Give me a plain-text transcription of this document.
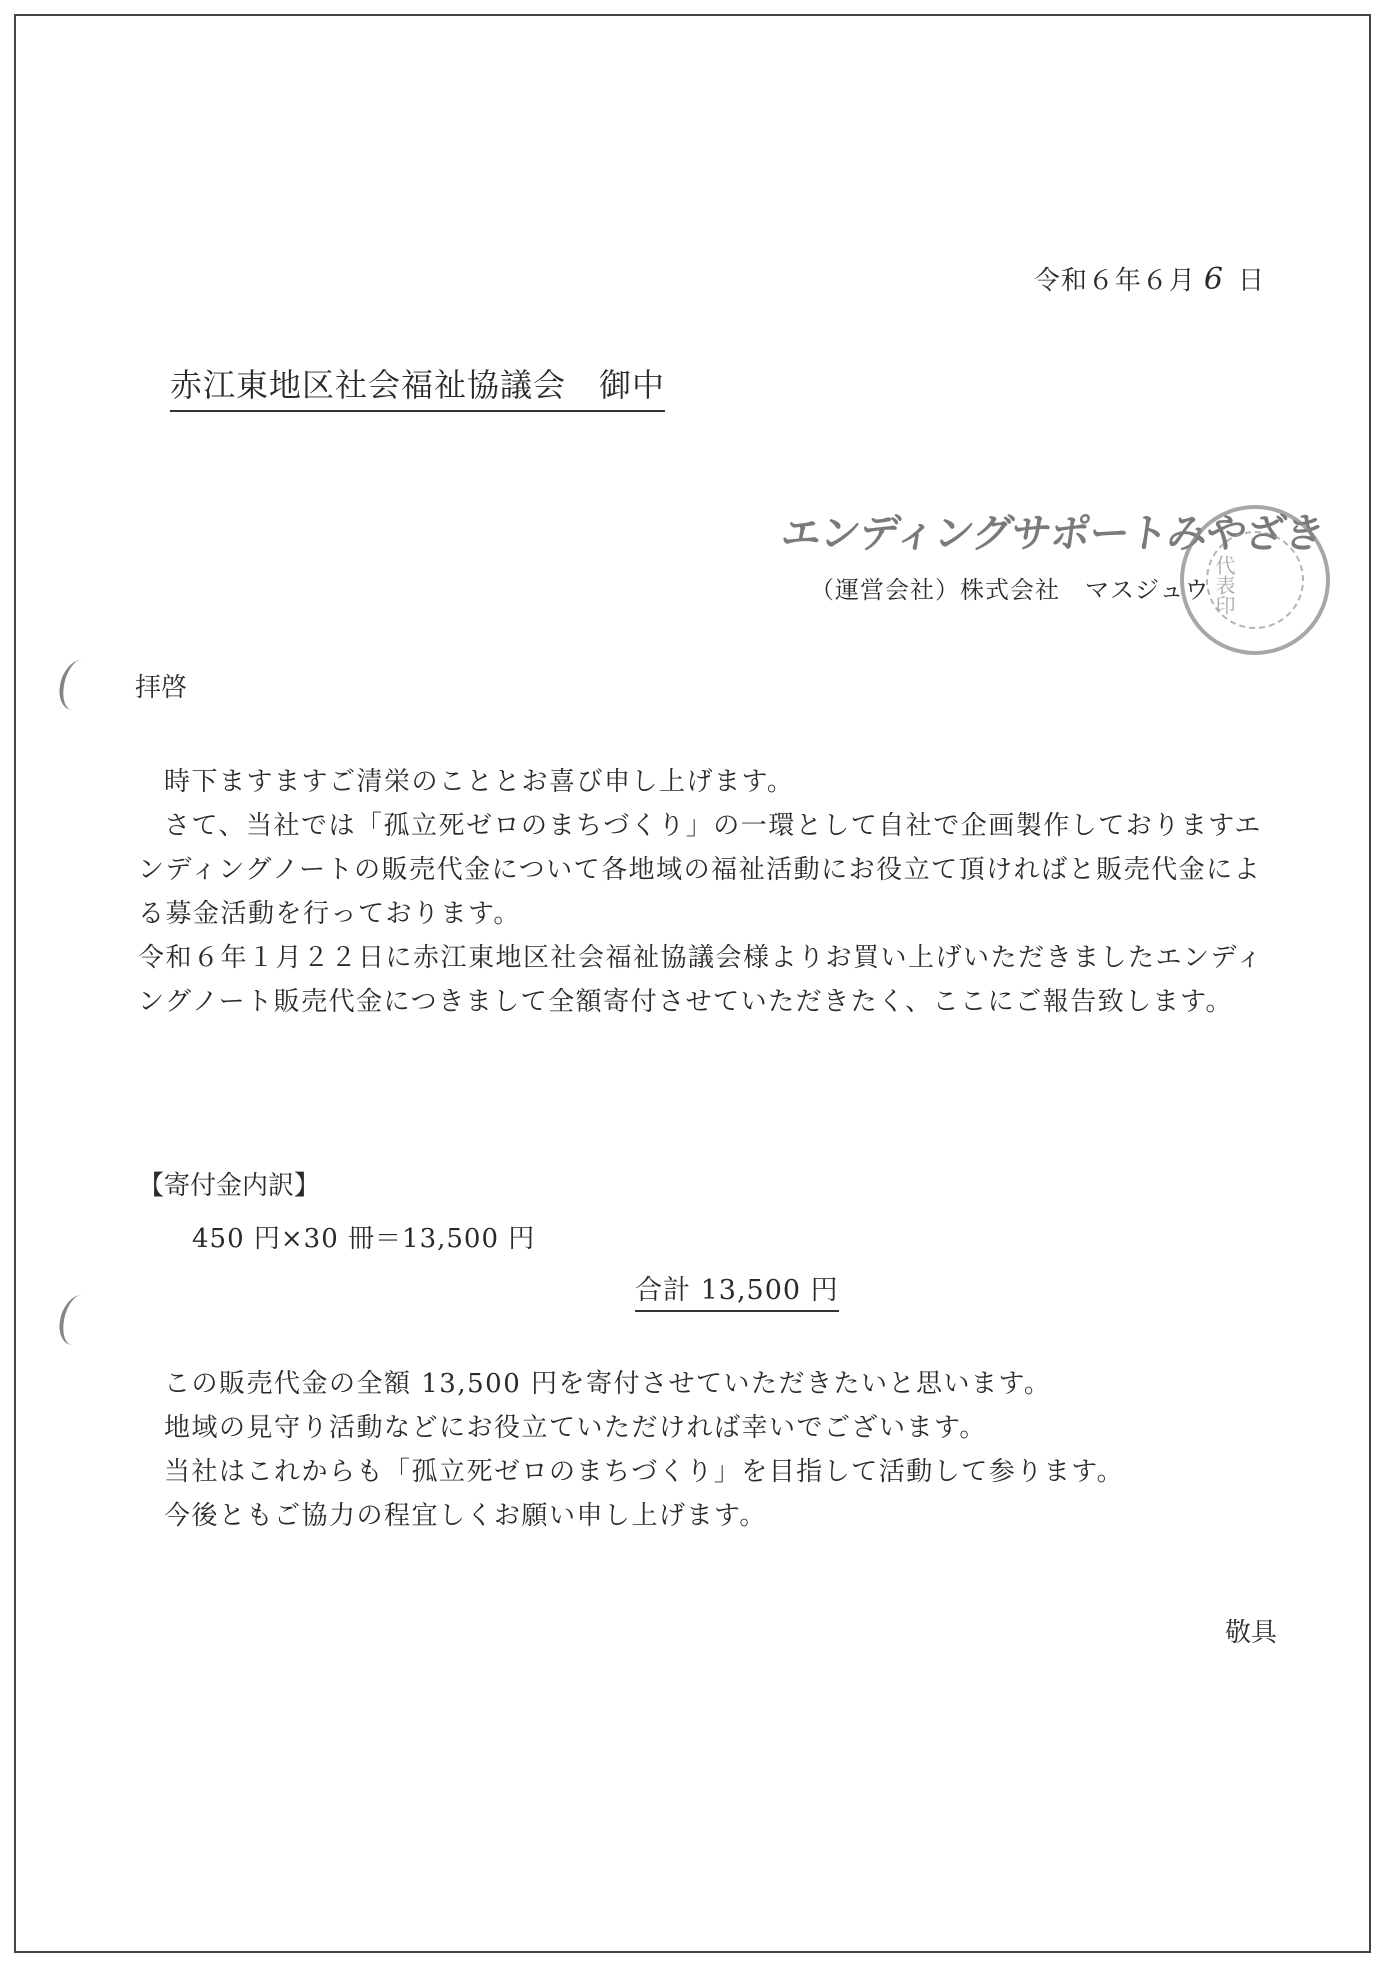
令和６年６月 6 日
赤江東地区社会福祉協議会　御中
エンディングサポートみやざき
（運営会社）株式会社　マスジュウ 代表印
拝啓

時下ますますご清栄のこととお喜び申し上げます。

さて、当社では「孤立死ゼロのまちづくり」の一環として自社で企画製作しておりますエンディングノートの販売代金について各地域の福祉活動にお役立て頂ければと販売代金による募金活動を行っております。

令和６年１月２２日に赤江東地区社会福祉協議会様よりお買い上げいただきましたエンディングノート販売代金につきまして全額寄付させていただきたく、ここにご報告致します。

【寄付金内訳】
450 円×30 冊＝13,500 円
合計 13,500 円

この販売代金の全額 13,500 円を寄付させていただきたいと思います。

地域の見守り活動などにお役立ていただければ幸いでございます。

当社はこれからも「孤立死ゼロのまちづくり」を目指して活動して参ります。

今後ともご協力の程宜しくお願い申し上げます。

敬具
